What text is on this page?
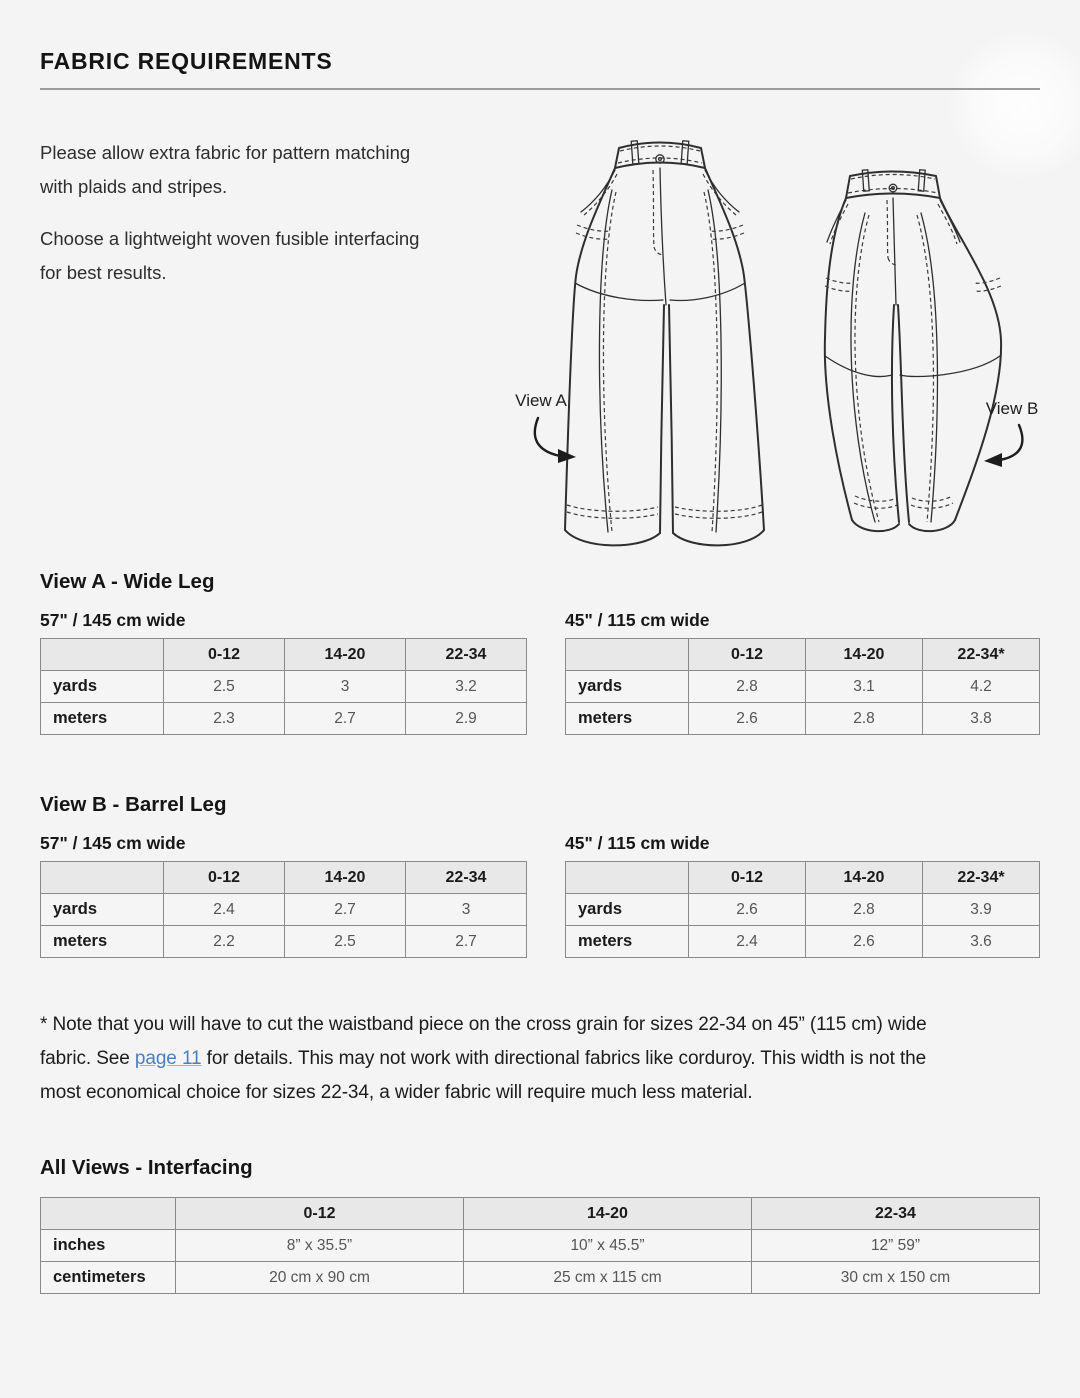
FABRIC REQUIREMENTS
Please allow extra fabric for pattern matching
with plaids and stripes.
Choose a lightweight woven fusible interfacing
for best results.
View A	View B
View A - Wide Leg
57" / 145 cm wide
	0-12	14-20	22-34
yards	2.5	3	3.2
meters	2.3	2.7	2.9
45" / 115 cm wide
	0-12	14-20	22-34*
yards	2.8	3.1	4.2
meters	2.6	2.8	3.8
View B - Barrel Leg
57" / 145 cm wide
	0-12	14-20	22-34
yards	2.4	2.7	3
meters	2.2	2.5	2.7
45" / 115 cm wide
	0-12	14-20	22-34*
yards	2.6	2.8	3.9
meters	2.4	2.6	3.6
* Note that you will have to cut the waistband piece on the cross grain for sizes 22-34 on 45” (115 cm) wide
fabric. See page 11 for details. This may not work with directional fabrics like corduroy. This width is not the
most economical choice for sizes 22-34, a wider fabric will require much less material.
All Views - Interfacing
	0-12	14-20	22-34
inches	8” x 35.5”	10” x 45.5”	12” 59”
centimeters	20 cm x 90 cm	25 cm x 115 cm	30 cm x 150 cm
